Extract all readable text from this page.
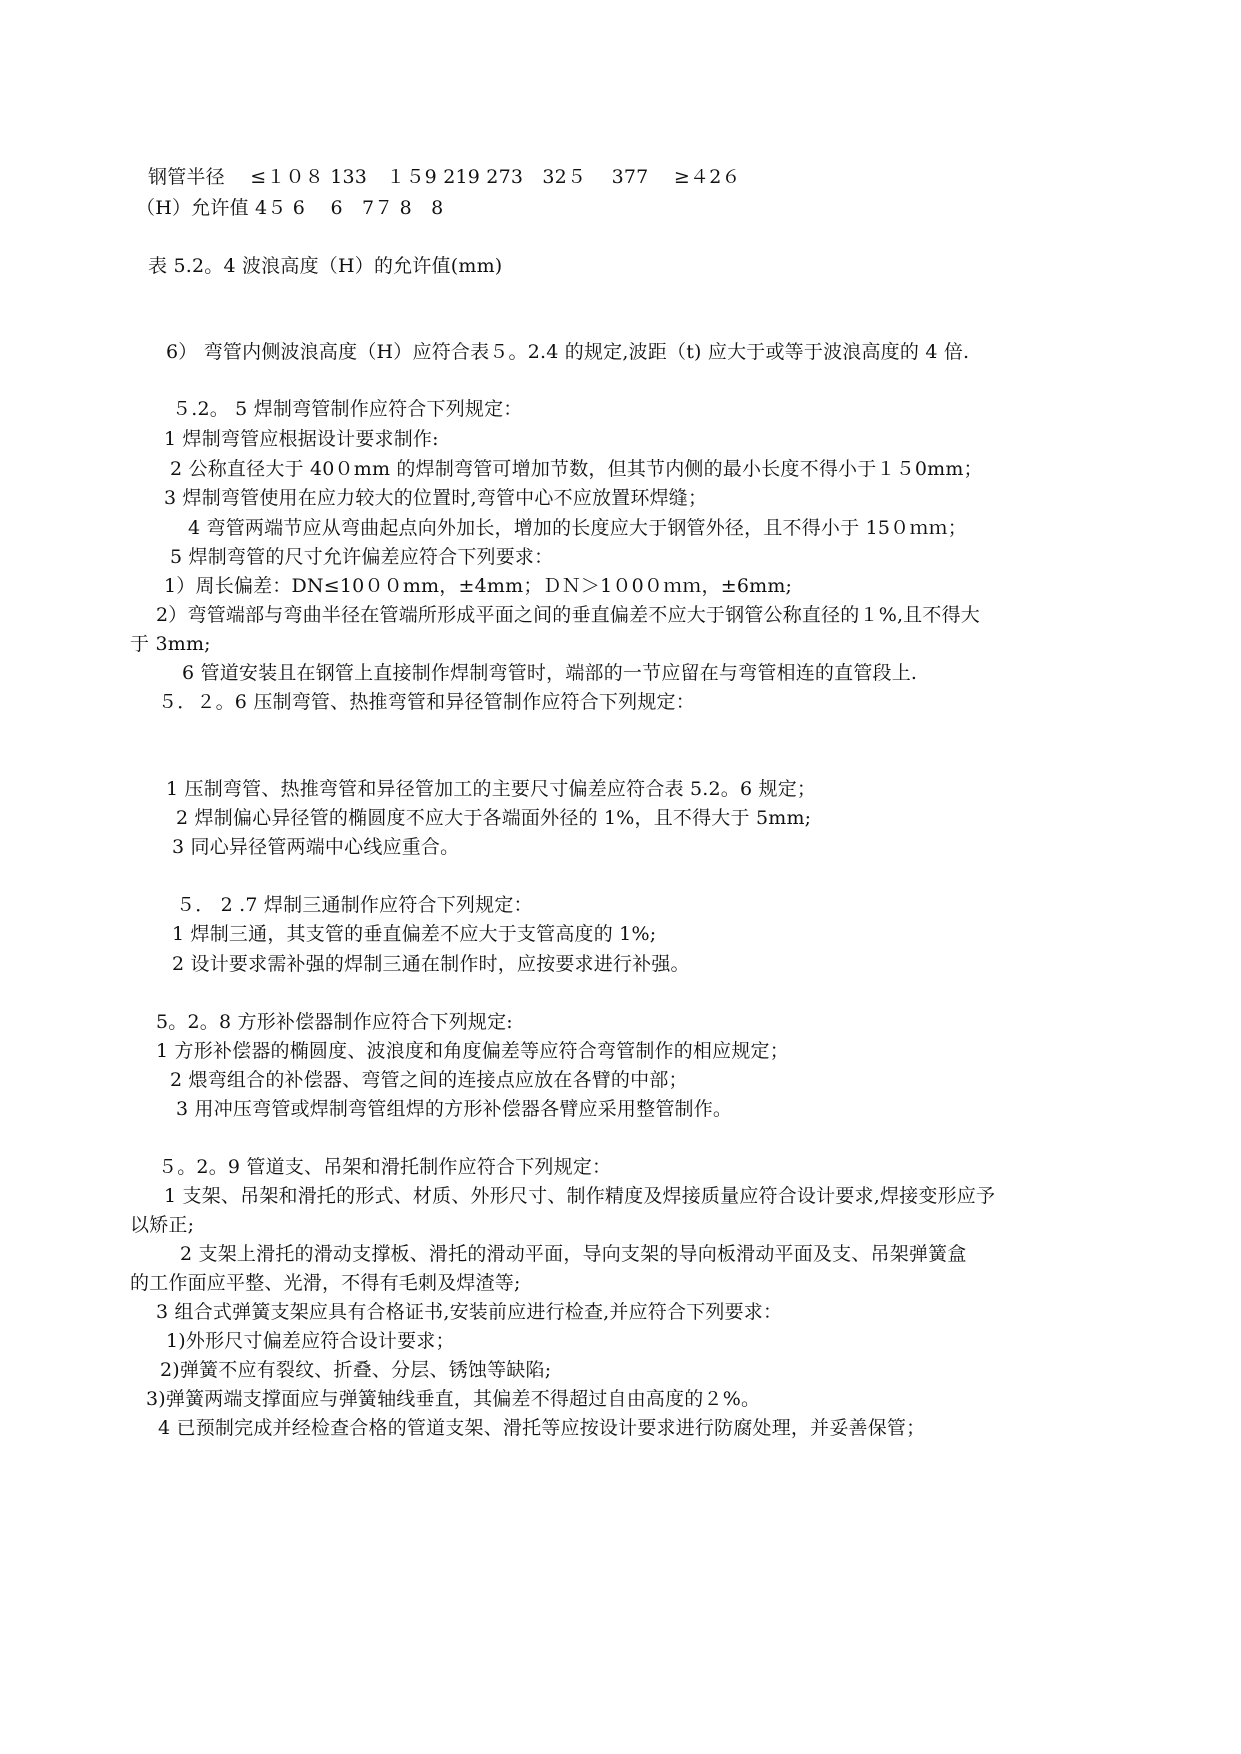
钢管半径　 ≤１０８ 133　１５9 219 273　32５　 377　 ≥４2６
（H）允许值 4５ 6　 6　7７ 8　8
表 5.2。4 波浪高度（H）的允许值(mm)
6） 弯管内侧波浪高度（H）应符合表５。2.4 的规定,波距（t) 应大于或等于波浪高度的 4 倍.
５.2。 5 焊制弯管制作应符合下列规定：
1 焊制弯管应根据设计要求制作:
2 公称直径大于 40０mm 的焊制弯管可增加节数，但其节内侧的最小长度不得小于１５0mm；
3 焊制弯管使用在应力较大的位置时,弯管中心不应放置环焊缝；
4 弯管两端节应从弯曲起点向外加长，增加的长度应大于钢管外径，且不得小于 15０ｍｍ；
5 焊制弯管的尺寸允许偏差应符合下列要求：
1）周长偏差：DN≤10００mm，±4mm；ＤＮ＞1０0０ｍｍ，±6mm;
2）弯管端部与弯曲半径在管端所形成平面之间的垂直偏差不应大于钢管公称直径的１%,且不得大
于 3mm;
6 管道安装且在钢管上直接制作焊制弯管时，端部的一节应留在与弯管相连的直管段上.
５．２。6 压制弯管、热推弯管和异径管制作应符合下列规定：
1 压制弯管、热推弯管和异径管加工的主要尺寸偏差应符合表 5.2。6 规定；
2 焊制偏心异径管的椭圆度不应大于各端面外径的 1%，且不得大于 5mm;
3 同心异径管两端中心线应重合。
５． 2 .7 焊制三通制作应符合下列规定：
1 焊制三通，其支管的垂直偏差不应大于支管高度的 1%;
2 设计要求需补强的焊制三通在制作时，应按要求进行补强。
5。2。8 方形补偿器制作应符合下列规定:
1 方形补偿器的椭圆度、波浪度和角度偏差等应符合弯管制作的相应规定；
2 煨弯组合的补偿器、弯管之间的连接点应放在各臂的中部；
3 用冲压弯管或焊制弯管组焊的方形补偿器各臂应采用整管制作。
５。2。9 管道支、吊架和滑托制作应符合下列规定：
1 支架、吊架和滑托的形式、材质、外形尺寸、制作精度及焊接质量应符合设计要求,焊接变形应予
以矫正;
2 支架上滑托的滑动支撑板、滑托的滑动平面，导向支架的导向板滑动平面及支、吊架弹簧盒
的工作面应平整、光滑，不得有毛刺及焊渣等;
3 组合式弹簧支架应具有合格证书,安装前应进行检查,并应符合下列要求：
1)外形尺寸偏差应符合设计要求；
2)弹簧不应有裂纹、折叠、分层、锈蚀等缺陷;
3)弹簧两端支撑面应与弹簧轴线垂直，其偏差不得超过自由高度的２%。
4 已预制完成并经检查合格的管道支架、滑托等应按设计要求进行防腐处理，并妥善保管；
